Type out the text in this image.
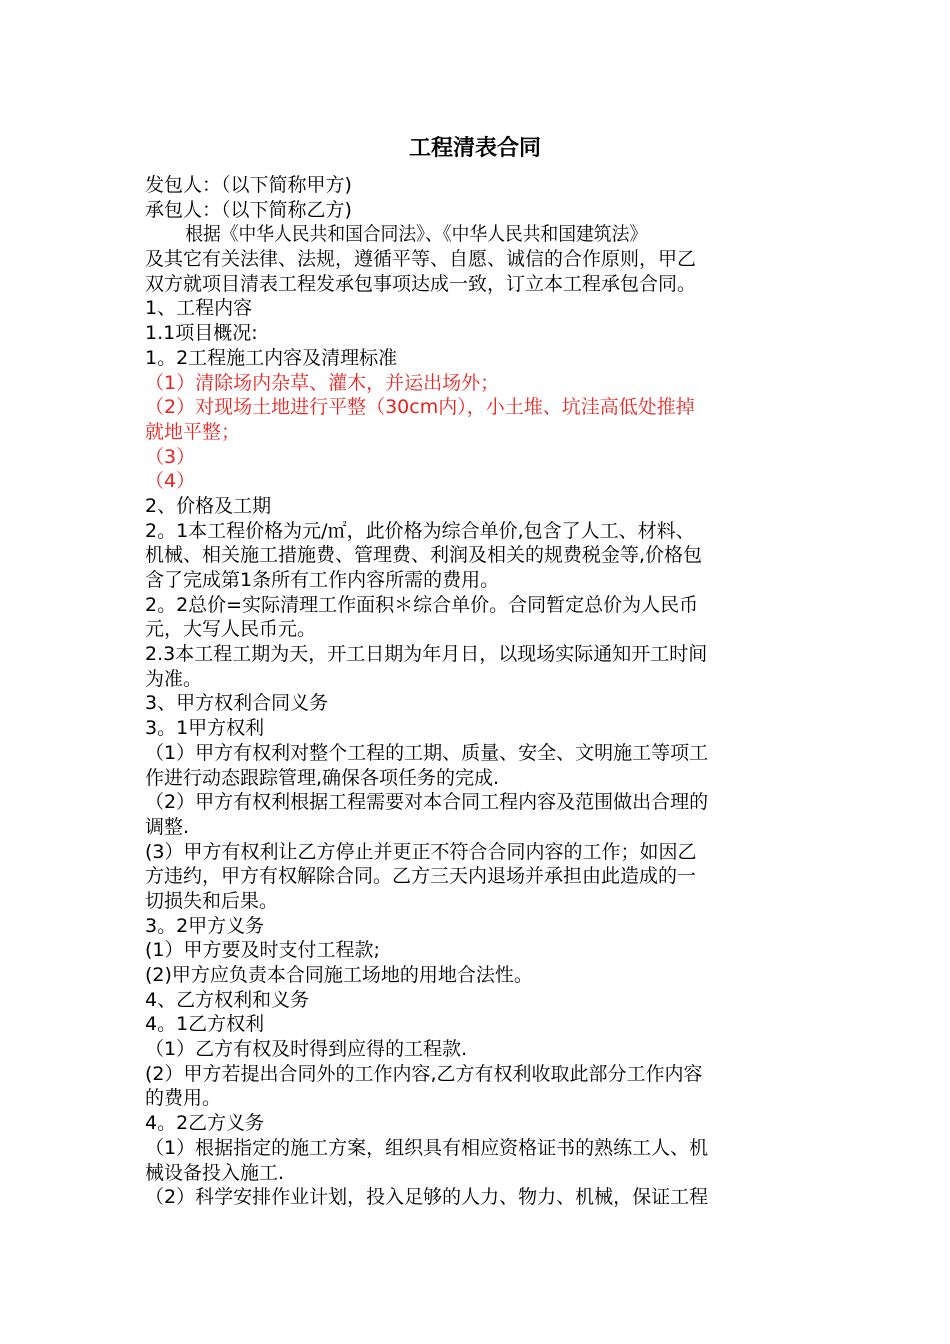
工程清表合同
发包人：（以下简称甲方)
承包人：（以下简称乙方)
根据《中华人民共和国合同法》、《中华人民共和国建筑法》
及其它有关法律、法规，遵循平等、自愿、诚信的合作原则，甲乙
双方就项目清表工程发承包事项达成一致，订立本工程承包合同。
1、工程内容
1.1项目概况:
1。2工程施工内容及清理标准
（1）清除场内杂草、灌木，并运出场外；
（2）对现场土地进行平整（30cm内），小土堆、坑洼高低处推掉
就地平整；
（3）
（4）
2、价格及工期
2。1本工程价格为元/㎡，此价格为综合单价,包含了人工、材料、
机械、相关施工措施费、管理费、利润及相关的规费税金等,价格包
含了完成第1条所有工作内容所需的费用。
2。2总价=实际清理工作面积＊综合单价。合同暂定总价为人民币
元，大写人民币元。
2.3本工程工期为天，开工日期为年月日，以现场实际通知开工时间
为准。
3、甲方权利合同义务
3。1甲方权利
（1）甲方有权利对整个工程的工期、质量、安全、文明施工等项工
作进行动态跟踪管理,确保各项任务的完成.
（2）甲方有权利根据工程需要对本合同工程内容及范围做出合理的
调整.
(3）甲方有权利让乙方停止并更正不符合合同内容的工作；如因乙
方违约，甲方有权解除合同。乙方三天内退场并承担由此造成的一
切损失和后果。
3。2甲方义务
(1）甲方要及时支付工程款;
(2)甲方应负责本合同施工场地的用地合法性。
4、乙方权利和义务
4。1乙方权利
（1）乙方有权及时得到应得的工程款.
(2）甲方若提出合同外的工作内容,乙方有权利收取此部分工作内容
的费用。
4。2乙方义务
（1）根据指定的施工方案，组织具有相应资格证书的熟练工人、机
械设备投入施工.
（2）科学安排作业计划，投入足够的人力、物力、机械，保证工程
